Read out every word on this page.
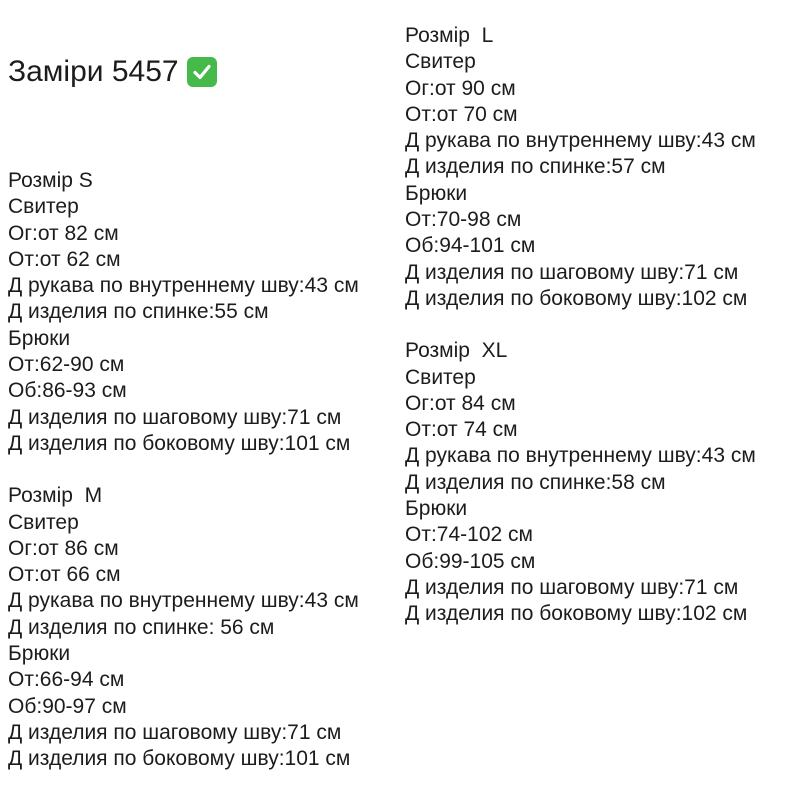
Заміри 5457
Розмір S
Свитер
Ог:от 82 см
От:от 62 см
Д рукава по внутреннему шву:43 см
Д изделия по спинке:55 см
Брюки
От:62-90 см
Об:86-93 см
Д изделия по шаговому шву:71 см
Д изделия по боковому шву:101 см
Розмір  M
Свитер
Ог:от 86 см
От:от 66 см
Д рукава по внутреннему шву:43 см
Д изделия по спинке: 56 см
Брюки
От:66-94 см
Об:90-97 см
Д изделия по шаговому шву:71 см
Д изделия по боковому шву:101 см
Розмір  L
Свитер
Ог:от 90 см
От:от 70 см
Д рукава по внутреннему шву:43 см
Д изделия по спинке:57 см
Брюки
От:70-98 см
Об:94-101 см
Д изделия по шаговому шву:71 см
Д изделия по боковому шву:102 см
Розмір  XL
Свитер
Ог:от 84 см
От:от 74 см
Д рукава по внутреннему шву:43 см
Д изделия по спинке:58 см
Брюки
От:74-102 см
Об:99-105 см
Д изделия по шаговому шву:71 см
Д изделия по боковому шву:102 см
